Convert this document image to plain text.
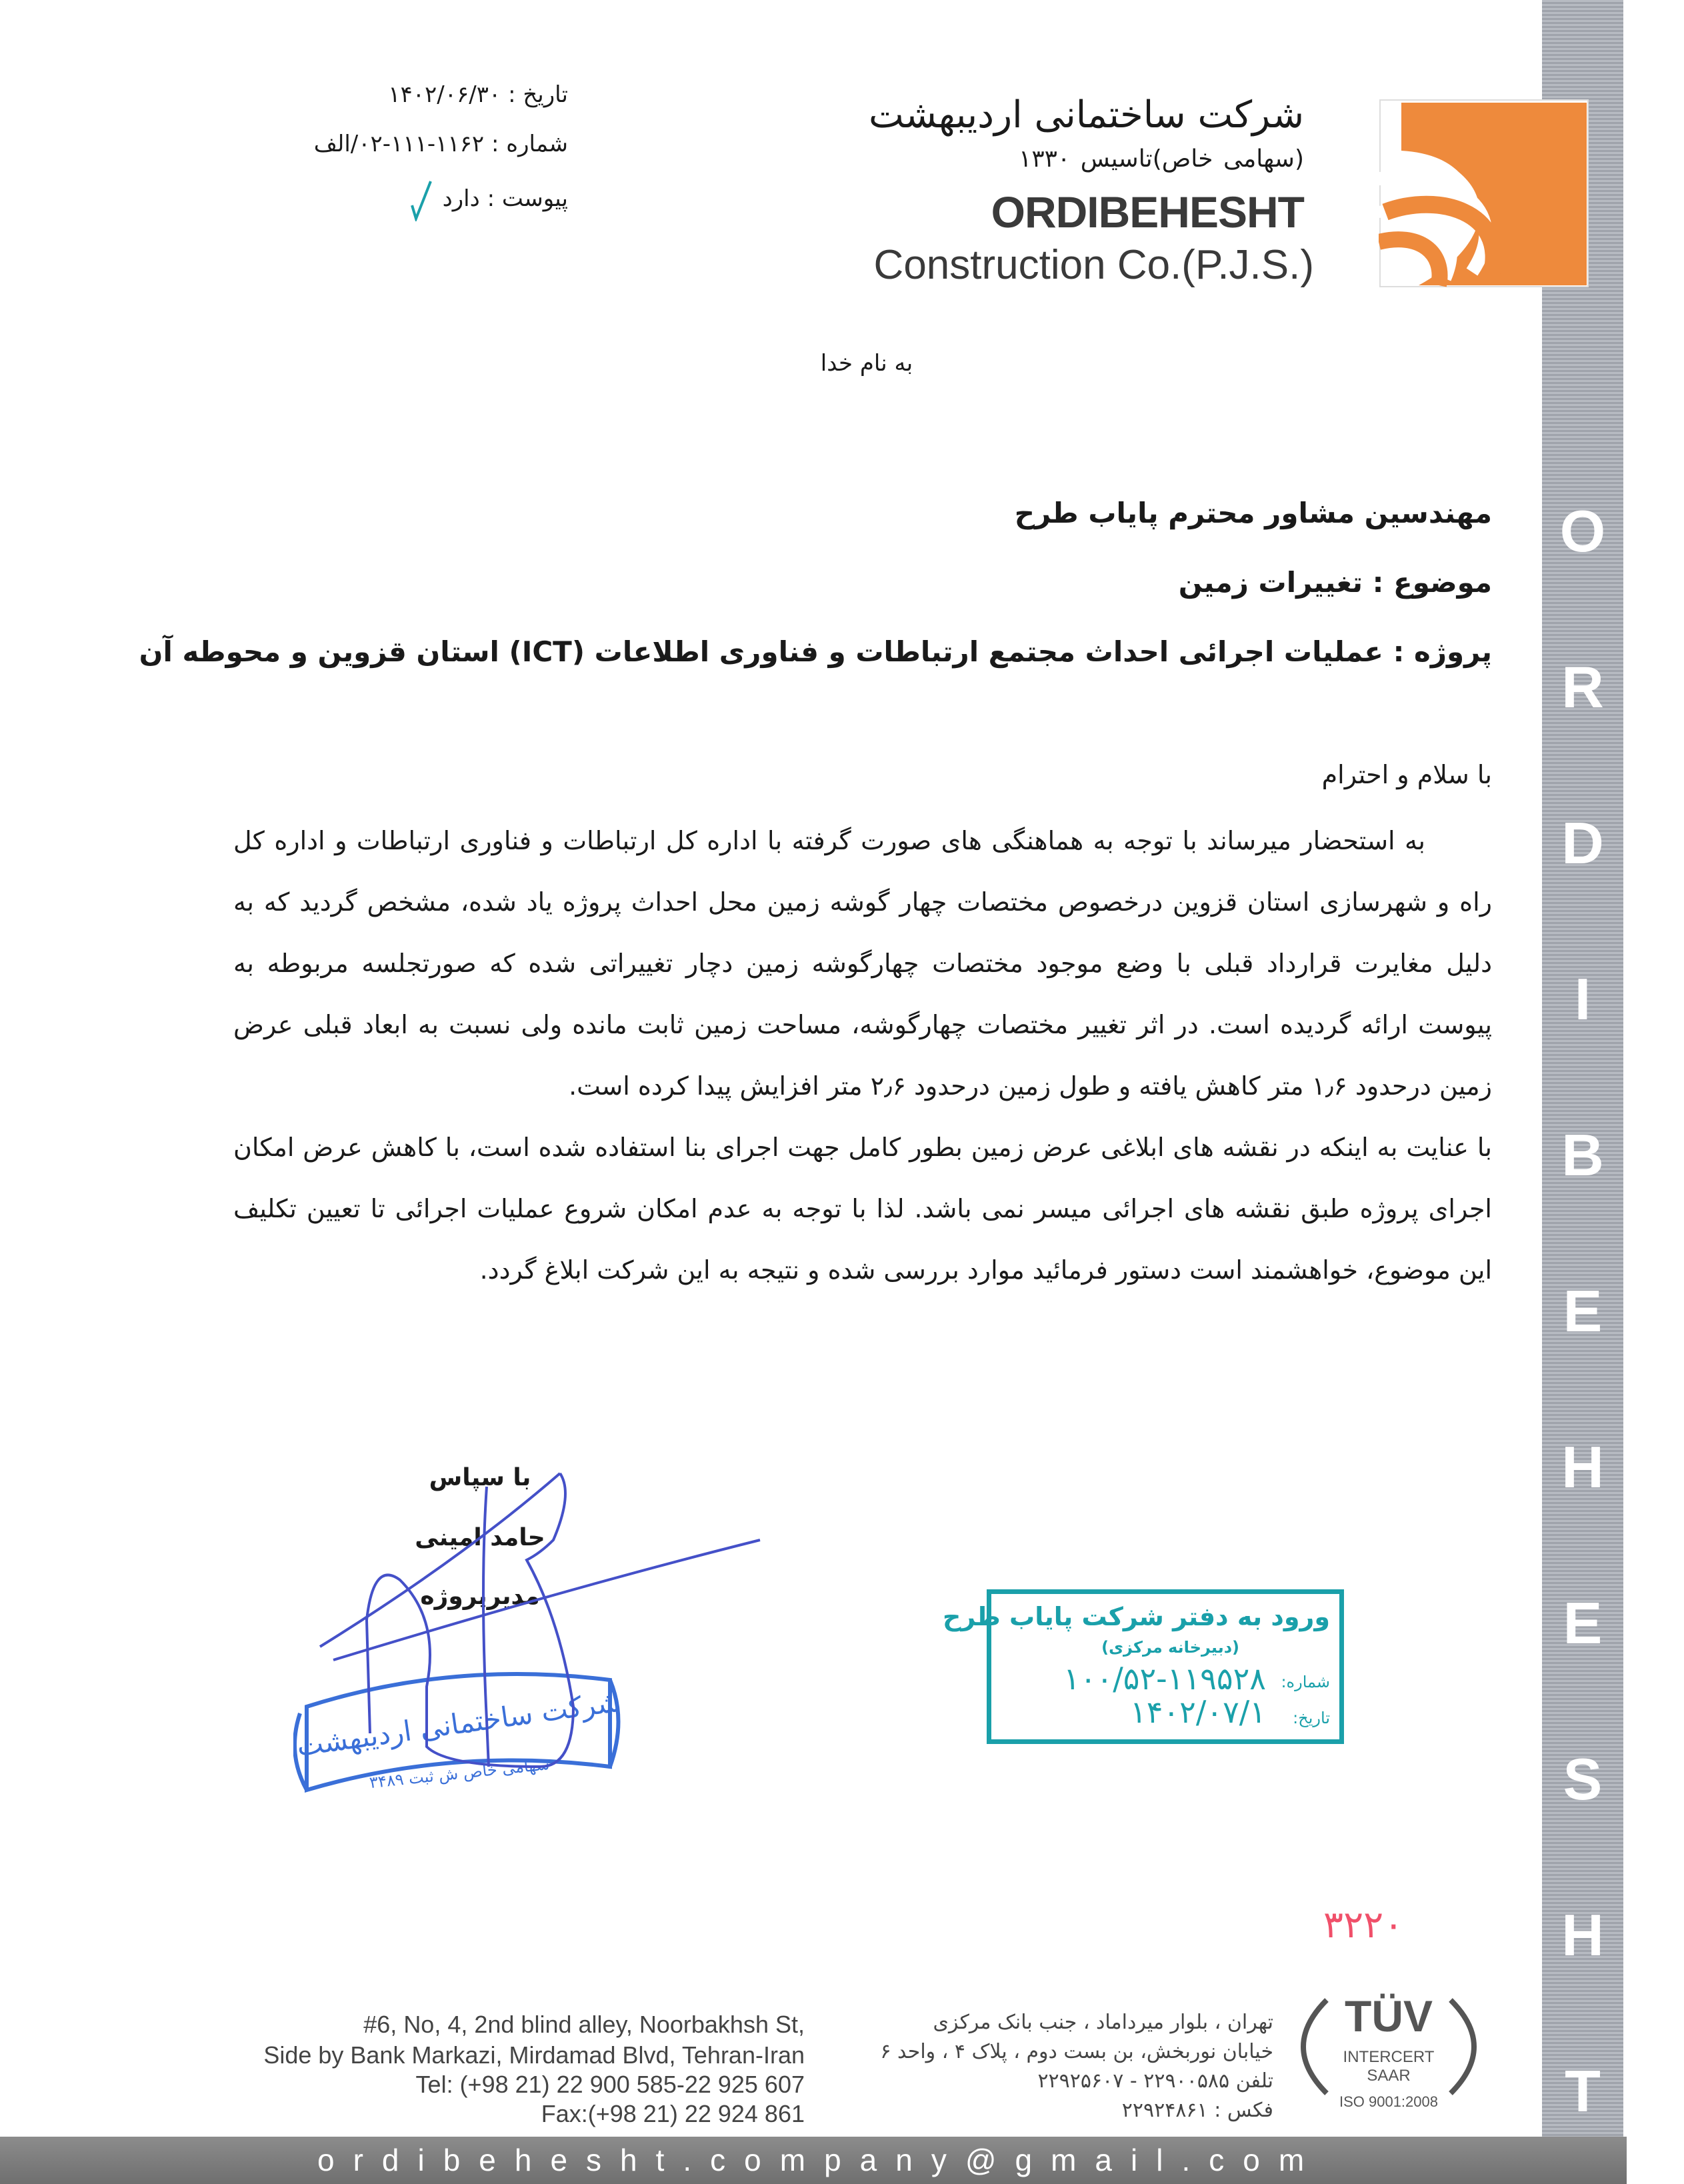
O
R
D
I
B
E
H
E
S
H
T
شرکت ساختمانی اردیبهشت
(سهامی خاص)تاسیس ۱۳۳۰
ORDIBEHESHT
Construction Co.(P.J.S.)
تاریخ : ۱۴۰۲/۰۶/۳۰
شماره : ۱۱۶۲-۱۱۱-۰۲/الف
پیوست : دارد
به نام خدا
مهندسین مشاور محترم پایاب طرح
موضوع : تغییرات زمین
پروژه : عملیات اجرائی احداث مجتمع ارتباطات و فناوری اطلاعات (ICT) استان قزوین و محوطه آن
با سلام و احترام
به استحضار میرساند با توجه به هماهنگی های صورت گرفته با اداره کل ارتباطات و فناوری ارتباطات و اداره کل راه و شهرسازی استان قزوین درخصوص مختصات چهار گوشه زمین محل احداث پروژه یاد شده، مشخص گردید که به دلیل مغایرت قرارداد قبلی با وضع موجود مختصات چهارگوشه زمین دچار تغییراتی شده که صورتجلسه مربوطه به پیوست ارائه گردیده است. در اثر تغییر مختصات چهارگوشه، مساحت زمین ثابت مانده ولی نسبت به ابعاد قبلی عرض زمین درحدود ۱٫۶ متر کاهش یافته و طول زمین درحدود ۲٫۶ متر افزایش پیدا کرده است.
با عنایت به اینکه در نقشه های ابلاغی عرض زمین بطور کامل جهت اجرای بنا استفاده شده است، با کاهش عرض امکان اجرای پروژه طبق نقشه های اجرائی میسر نمی باشد. لذا با توجه به عدم امکان شروع عملیات اجرائی تا تعیین تکلیف این موضوع، خواهشمند است دستور فرمائید موارد بررسی شده و نتیجه به این شرکت ابلاغ گردد.
با سپاس
حامد امینی
مدیرپروژه
شرکت ساختمانی اردیبهشت
سهامی خاص ش ثبت ۳۴۸۹
ورود به دفتر شرکت پایاب طرح
(دبیرخانه مرکزی)
شماره:
۱۰۰/۵۲-۱۱۹۵۲۸
تاریخ:
۱۴۰۲/۰۷/۱
۳۲۲۰
#6, No, 4, 2nd blind alley, Noorbakhsh St,
Side by Bank Markazi, Mirdamad Blvd, Tehran-Iran
Tel: (+98 21) 22 900 585-22 925 607
Fax:(+98 21) 22 924 861
تهران ، بلوار میرداماد ، جنب بانک مرکزی
خیابان نوربخش، بن بست دوم ، پلاک ۴ ، واحد ۶
تلفن ۲۲۹۰۰۵۸۵ - ۲۲۹۲۵۶۰۷
فکس : ۲۲۹۲۴۸۶۱
TÜV
INTERCERT
SAAR
ISO 9001:2008
ordibehesht.company@gmail.com
